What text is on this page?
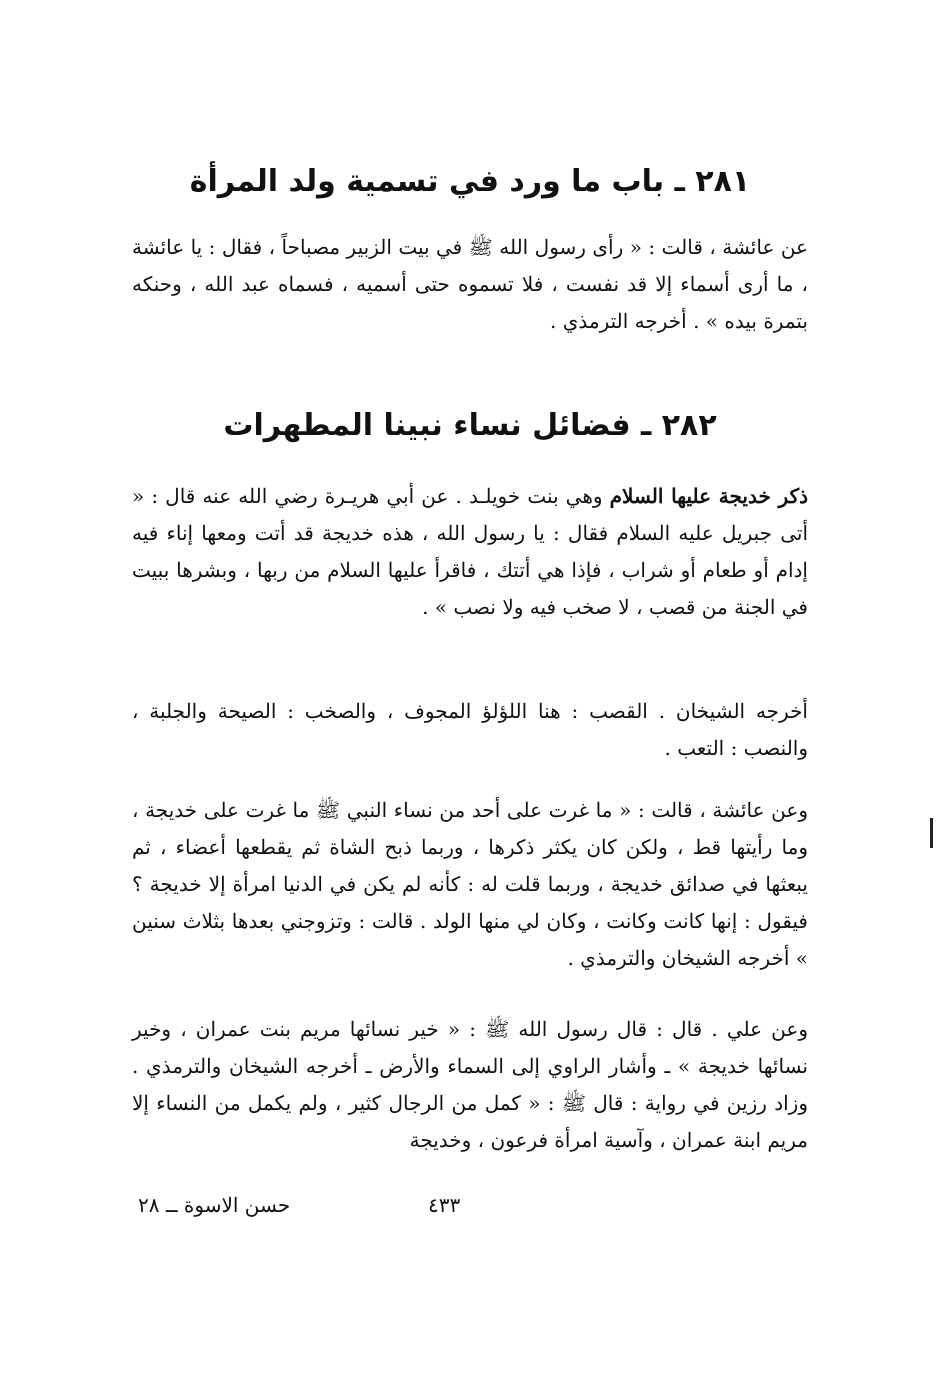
٢٨١ ـ باب ما ورد في تسمية ولد المرأة
عن عائشة ، قالت : « رأى رسول الله ﷺ في بيت الزبير مصباحاً ، فقال : يا عائشة ، ما أرى أسماء إلا قد نفست ، فلا تسموه حتى أسميه ، فسماه عبد الله ، وحنكه بتمرة بيده » . أخرجه الترمذي .
٢٨٢ ـ فضائل نساء نبينا المطهرات
ذكر خديجة عليها السلام وهي بنت خويلـد . عن أبي هريـرة رضي الله عنه قال : « أتى جبريل عليه السلام فقال : يا رسول الله ، هذه خديجة قد أتت ومعها إناء فيه إدام أو طعام أو شراب ، فإذا هي أتتك ، فاقرأ عليها السلام من ربها ، وبشرها ببيت في الجنة من قصب ، لا صخب فيه ولا نصب » .
أخرجه الشيخان . القصب : هنا اللؤلؤ المجوف ، والصخب : الصيحة والجلبة ، والنصب : التعب .
وعن عائشة ، قالت : « ما غرت على أحد من نساء النبي ﷺ ما غرت على خديجة ، وما رأيتها قط ، ولكن كان يكثر ذكرها ، وربما ذبح الشاة ثم يقطعها أعضاء ، ثم يبعثها في صدائق خديجة ، وربما قلت له : كأنه لم يكن في الدنيا امرأة إلا خديجة ؟ فيقول : إنها كانت وكانت ، وكان لي منها الولد . قالت : وتزوجني بعدها بثلاث سنين » أخرجه الشيخان والترمذي .
وعن علي . قال : قال رسول الله ﷺ : « خير نسائها مريم بنت عمران ، وخير نسائها خديجة » ـ وأشار الراوي إلى السماء والأرض ـ أخرجه الشيخان والترمذي . وزاد رزين في رواية : قال ﷺ : « كمل من الرجال كثير ، ولم يكمل من النساء إلا مريم ابنة عمران ، وآسية امرأة فرعون ، وخديجة
٤٣٣
حسن الاسوة ــ ٢٨
